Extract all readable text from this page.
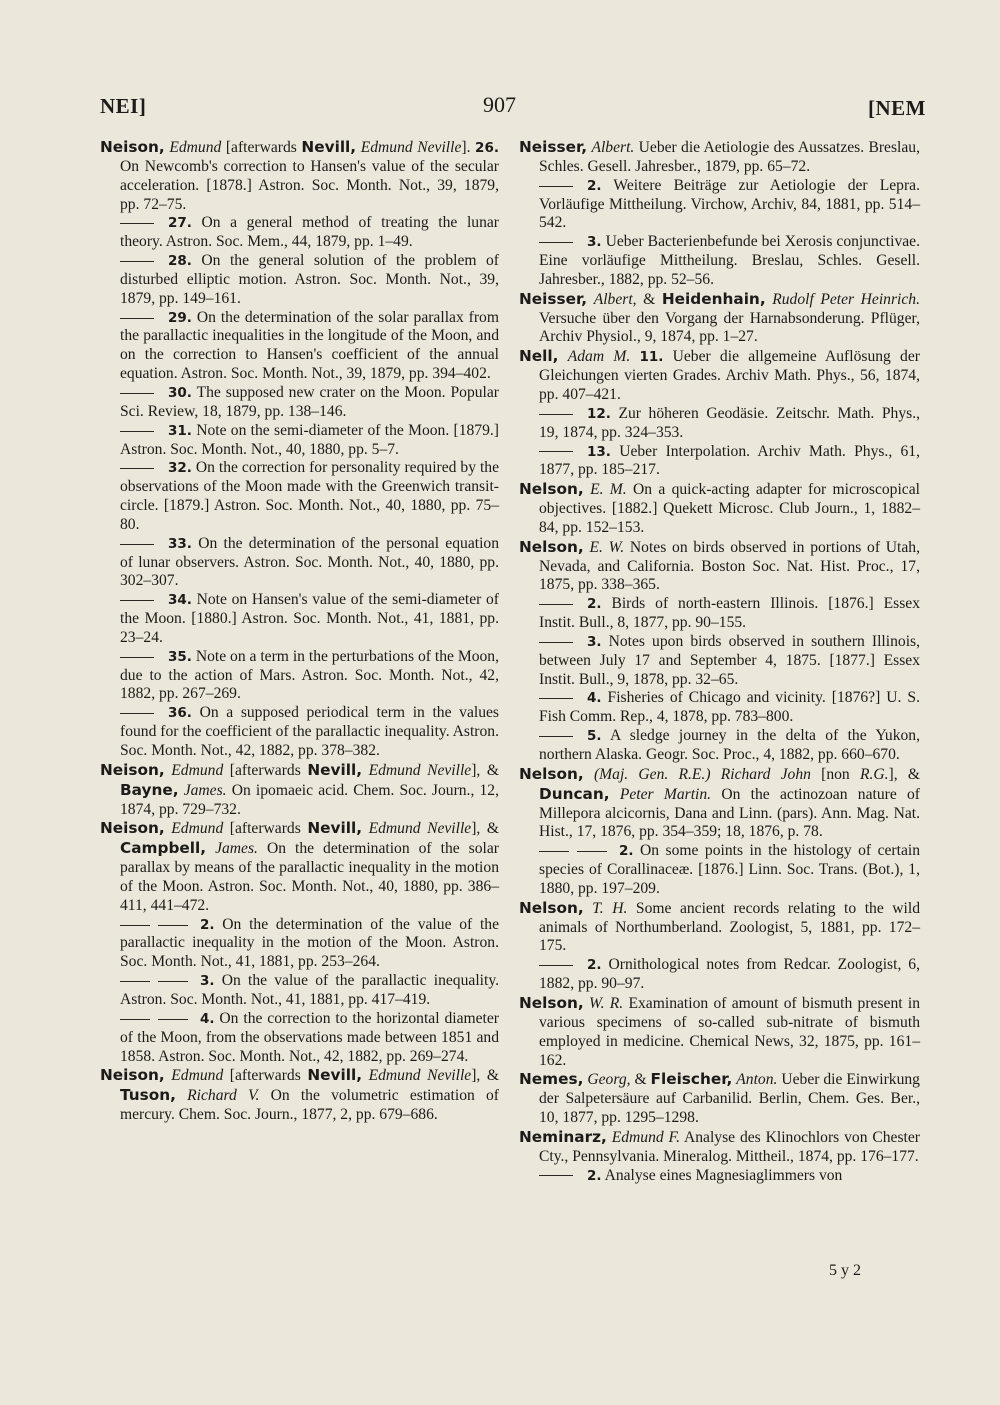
NEI]	907	[NEM

Neison, Edmund [afterwards Nevill, Edmund Neville]. 26. On Newcomb's correction to Hansen's value of the secular acceleration. [1878.] Astron. Soc. Month. Not., 39, 1879, pp. 72–75.

27. On a general method of treating the lunar theory. Astron. Soc. Mem., 44, 1879, pp. 1–49.

28. On the general solution of the problem of disturbed elliptic motion. Astron. Soc. Month. Not., 39, 1879, pp. 149–161.

29. On the determination of the solar parallax from the parallactic inequalities in the longitude of the Moon, and on the correction to Hansen's coefficient of the annual equation. Astron. Soc. Month. Not., 39, 1879, pp. 394–402.

30. The supposed new crater on the Moon. Popular Sci. Review, 18, 1879, pp. 138–146.

31. Note on the semi-diameter of the Moon. [1879.] Astron. Soc. Month. Not., 40, 1880, pp. 5–7.

32. On the correction for personality required by the observations of the Moon made with the Greenwich transit-circle. [1879.] Astron. Soc. Month. Not., 40, 1880, pp. 75–80.

33. On the determination of the personal equation of lunar observers. Astron. Soc. Month. Not., 40, 1880, pp. 302–307.

34. Note on Hansen's value of the semi-diameter of the Moon. [1880.] Astron. Soc. Month. Not., 41, 1881, pp. 23–24.

35. Note on a term in the perturbations of the Moon, due to the action of Mars. Astron. Soc. Month. Not., 42, 1882, pp. 267–269.

36. On a supposed periodical term in the values found for the coefficient of the parallactic inequality. Astron. Soc. Month. Not., 42, 1882, pp. 378–382.

Neison, Edmund [afterwards Nevill, Edmund Neville], & Bayne, James. On ipomaeic acid. Chem. Soc. Journ., 12, 1874, pp. 729–732.

Neison, Edmund [afterwards Nevill, Edmund Neville], & Campbell, James. On the determination of the solar parallax by means of the parallactic inequality in the motion of the Moon. Astron. Soc. Month. Not., 40, 1880, pp. 386–411, 441–472.

2. On the determination of the value of the parallactic inequality in the motion of the Moon. Astron. Soc. Month. Not., 41, 1881, pp. 253–264.

3. On the value of the parallactic inequality. Astron. Soc. Month. Not., 41, 1881, pp. 417–419.

4. On the correction to the horizontal diameter of the Moon, from the observations made between 1851 and 1858. Astron. Soc. Month. Not., 42, 1882, pp. 269–274.

Neison, Edmund [afterwards Nevill, Edmund Neville], & Tuson, Richard V. On the volumetric estimation of mercury. Chem. Soc. Journ., 1877, 2, pp. 679–686.

Neisser, Albert. Ueber die Aetiologie des Aussatzes. Breslau, Schles. Gesell. Jahresber., 1879, pp. 65–72.

2. Weitere Beiträge zur Aetiologie der Lepra. Vorläufige Mittheilung. Virchow, Archiv, 84, 1881, pp. 514–542.

3. Ueber Bacterienbefunde bei Xerosis conjunctivae. Eine vorläufige Mittheilung. Breslau, Schles. Gesell. Jahresber., 1882, pp. 52–56.

Neisser, Albert, & Heidenhain, Rudolf Peter Heinrich. Versuche über den Vorgang der Harnabsonderung. Pflüger, Archiv Physiol., 9, 1874, pp. 1–27.

Nell, Adam M. 11. Ueber die allgemeine Auflösung der Gleichungen vierten Grades. Archiv Math. Phys., 56, 1874, pp. 407–421.

12. Zur höheren Geodäsie. Zeitschr. Math. Phys., 19, 1874, pp. 324–353.

13. Ueber Interpolation. Archiv Math. Phys., 61, 1877, pp. 185–217.

Nelson, E. M. On a quick-acting adapter for microscopical objectives. [1882.] Quekett Microsc. Club Journ., 1, 1882–84, pp. 152–153.

Nelson, E. W. Notes on birds observed in portions of Utah, Nevada, and California. Boston Soc. Nat. Hist. Proc., 17, 1875, pp. 338–365.

2. Birds of north-eastern Illinois. [1876.] Essex Instit. Bull., 8, 1877, pp. 90–155.

3. Notes upon birds observed in southern Illinois, between July 17 and September 4, 1875. [1877.] Essex Instit. Bull., 9, 1878, pp. 32–65.

4. Fisheries of Chicago and vicinity. [1876?] U. S. Fish Comm. Rep., 4, 1878, pp. 783–800.

5. A sledge journey in the delta of the Yukon, northern Alaska. Geogr. Soc. Proc., 4, 1882, pp. 660–670.

Nelson, (Maj. Gen. R.E.) Richard John [non R.G.], & Duncan, Peter Martin. On the actinozoan nature of Millepora alcicornis, Dana and Linn. (pars). Ann. Mag. Nat. Hist., 17, 1876, pp. 354–359; 18, 1876, p. 78.

2. On some points in the histology of certain species of Corallinaceæ. [1876.] Linn. Soc. Trans. (Bot.), 1, 1880, pp. 197–209.

Nelson, T. H. Some ancient records relating to the wild animals of Northumberland. Zoologist, 5, 1881, pp. 172–175.

2. Ornithological notes from Redcar. Zoologist, 6, 1882, pp. 90–97.

Nelson, W. R. Examination of amount of bismuth present in various specimens of so-called sub-nitrate of bismuth employed in medicine. Chemical News, 32, 1875, pp. 161–162.

Nemes, Georg, & Fleischer, Anton. Ueber die Einwirkung der Salpetersäure auf Carbanilid. Berlin, Chem. Ges. Ber., 10, 1877, pp. 1295–1298.

Neminarz, Edmund F. Analyse des Klinochlors von Chester Cty., Pennsylvania. Mineralog. Mittheil., 1874, pp. 176–177.

2. Analyse eines Magnesiaglimmers von

5 y 2
